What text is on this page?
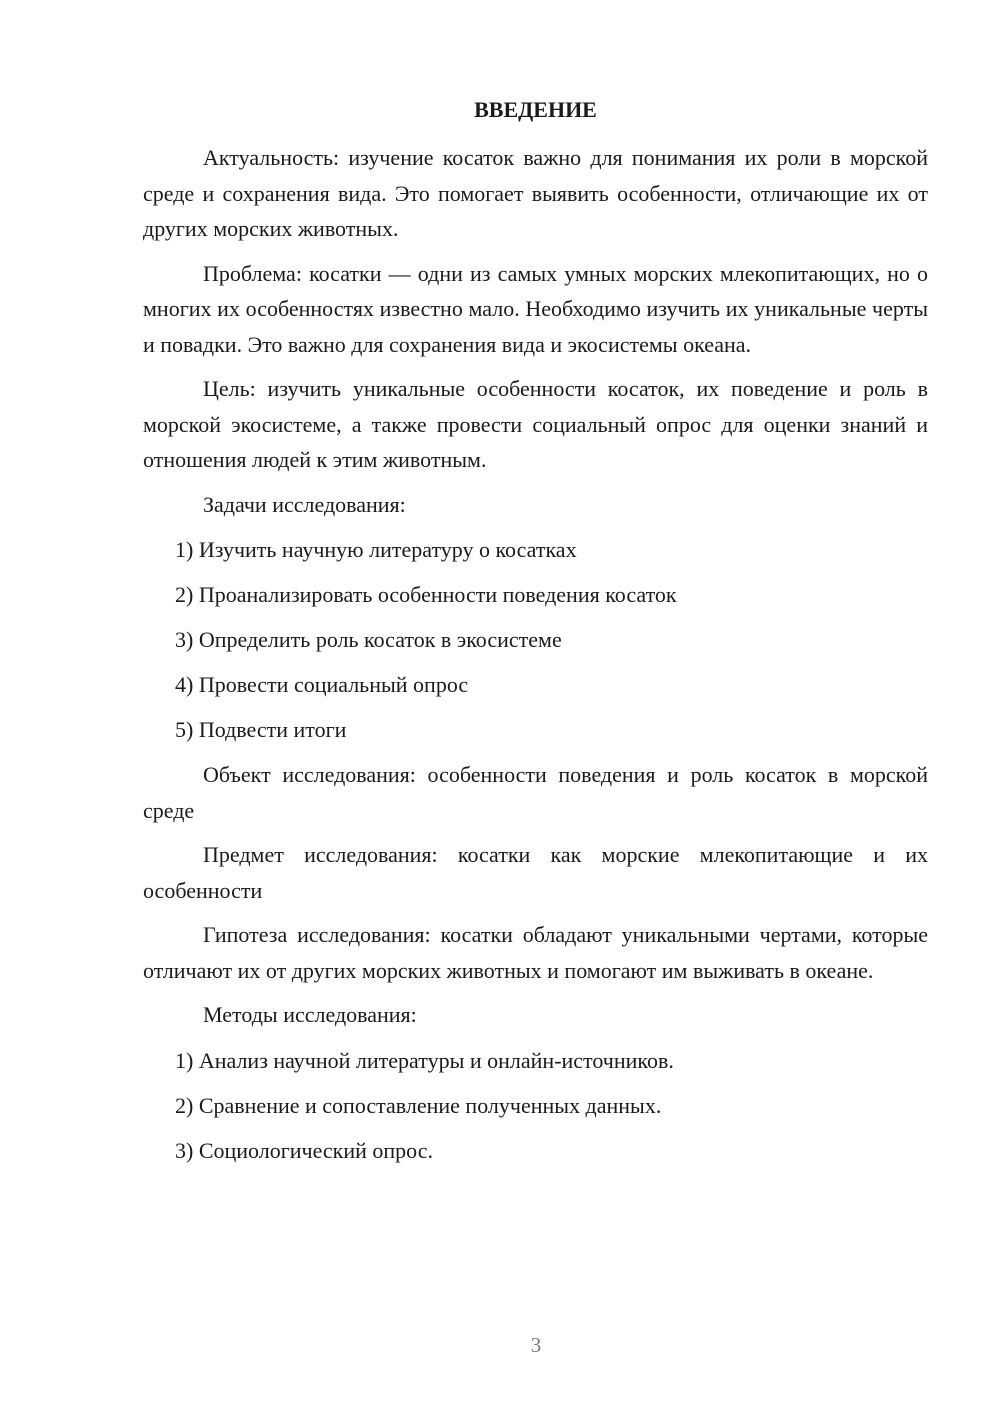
ВВЕДЕНИЕ

Актуальность: изучение косаток важно для понимания их роли в морской среде и сохранения вида. Это помогает выявить особенности, отличающие их от других морских животных.

Проблема: косатки — одни из самых умных морских млекопитающих, но о многих их особенностях известно мало. Необходимо изучить их уникальные черты и повадки. Это важно для сохранения вида и экосистемы океана.

Цель: изучить уникальные особенности косаток, их поведение и роль в морской экосистеме, а также провести социальный опрос для оценки знаний и отношения людей к этим животным.

Задачи исследования:

1) Изучить научную литературу о косатках
2) Проанализировать особенности поведения косаток
3) Определить роль косаток в экосистеме
4) Провести социальный опрос
5) Подвести итоги

Объект исследования: особенности поведения и роль косаток в морской среде

Предмет исследования: косатки как морские млекопитающие и их особенности

Гипотеза исследования: косатки обладают уникальными чертами, которые отличают их от других морских животных и помогают им выживать в океане.

Методы исследования:

1) Анализ научной литературы и онлайн-источников.
2) Сравнение и сопоставление полученных данных.
3) Социологический опрос.
3
